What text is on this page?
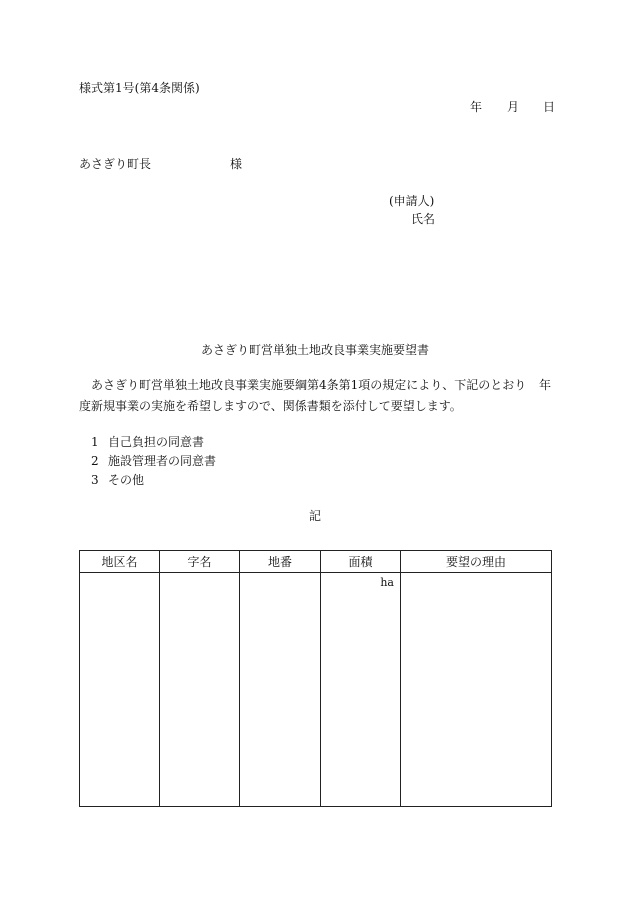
様式第1号(第4条関係)
年 月 日
あさぎり町長	様
(申請人)
氏名
あさぎり町営単独土地改良事業実施要望書
あさぎり町営単独土地改良事業実施要綱第4条第1項の規定により、下記のとおり 年
度新規事業の実施を希望しますので、関係書類を添付して要望します。
1 自己負担の同意書
2 施設管理者の同意書
3 その他
記
地区名	字名	地番	面積	要望の理由
			ha	
